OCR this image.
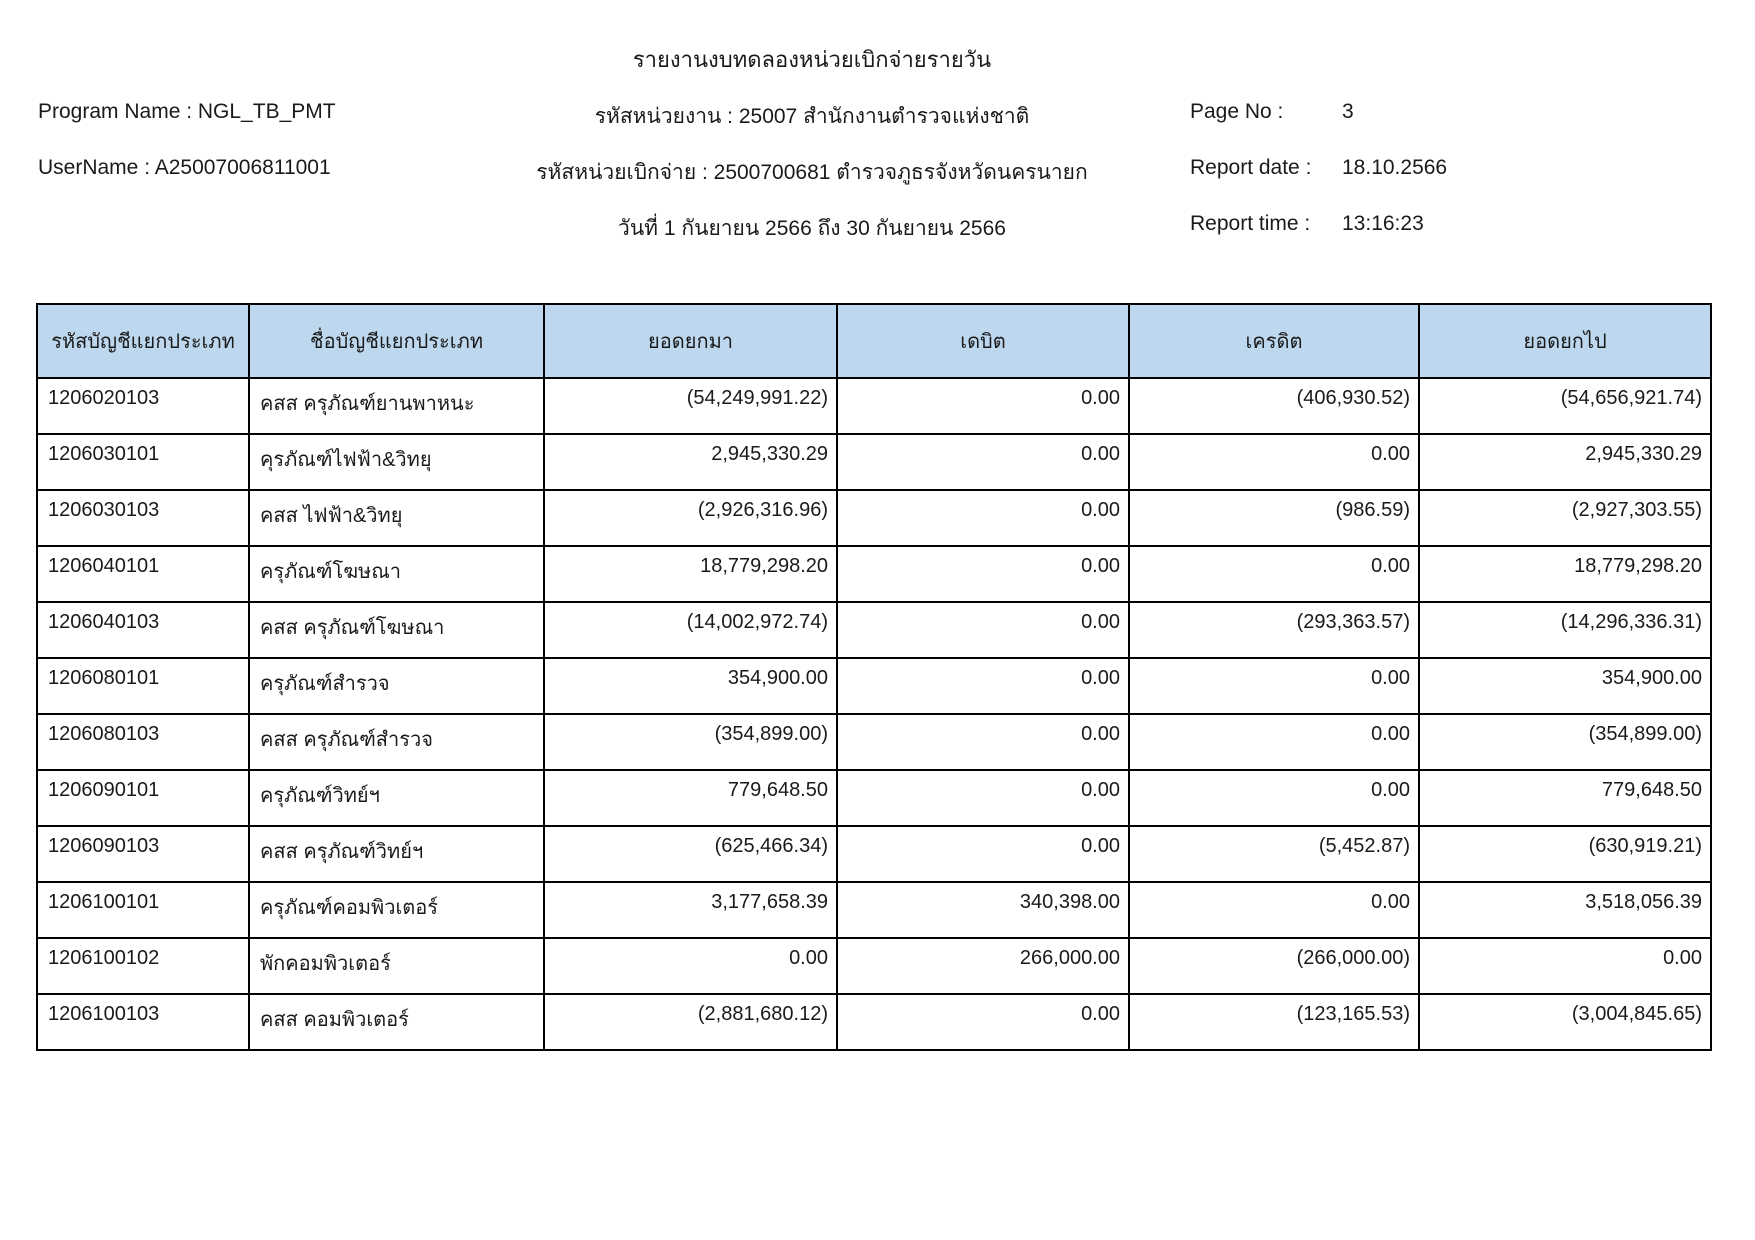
รายงานงบทดลองหน่วยเบิกจ่ายรายวัน
Program Name : NGL_TB_PMT	รหัสหน่วยงาน : 25007 สำนักงานตำรวจแห่งชาติ	Page No :	3
UserName : A25007006811001	รหัสหน่วยเบิกจ่าย : 2500700681 ตำรวจภูธรจังหวัดนครนายก	Report date : 18.10.2566
วันที่ 1 กันยายน 2566 ถึง 30 กันยายน 2566	Report time : 13:16:23
รหัสบัญชีแยกประเภท	ชื่อบัญชีแยกประเภท	ยอดยกมา	เดบิต	เครดิต	ยอดยกไป
1206020103	คสส ครุภัณฑ์ยานพาหนะ	(54,249,991.22)	0.00	(406,930.52)	(54,656,921.74)
1206030101	คุรภัณฑ์ไฟฟ้า&วิทยุ	2,945,330.29	0.00	0.00	2,945,330.29
1206030103	คสส ไฟฟ้า&วิทยุ	(2,926,316.96)	0.00	(986.59)	(2,927,303.55)
1206040101	ครุภัณฑ์โฆษณา	18,779,298.20	0.00	0.00	18,779,298.20
1206040103	คสส ครุภัณฑ์โฆษณา	(14,002,972.74)	0.00	(293,363.57)	(14,296,336.31)
1206080101	ครุภัณฑ์สำรวจ	354,900.00	0.00	0.00	354,900.00
1206080103	คสส ครุภัณฑ์สำรวจ	(354,899.00)	0.00	0.00	(354,899.00)
1206090101	ครุภัณฑ์วิทย์ฯ	779,648.50	0.00	0.00	779,648.50
1206090103	คสส ครุภัณฑ์วิทย์ฯ	(625,466.34)	0.00	(5,452.87)	(630,919.21)
1206100101	ครุภัณฑ์คอมพิวเตอร์	3,177,658.39	340,398.00	0.00	3,518,056.39
1206100102	พักคอมพิวเตอร์	0.00	266,000.00	(266,000.00)	0.00
1206100103	คสส คอมพิวเตอร์	(2,881,680.12)	0.00	(123,165.53)	(3,004,845.65)
